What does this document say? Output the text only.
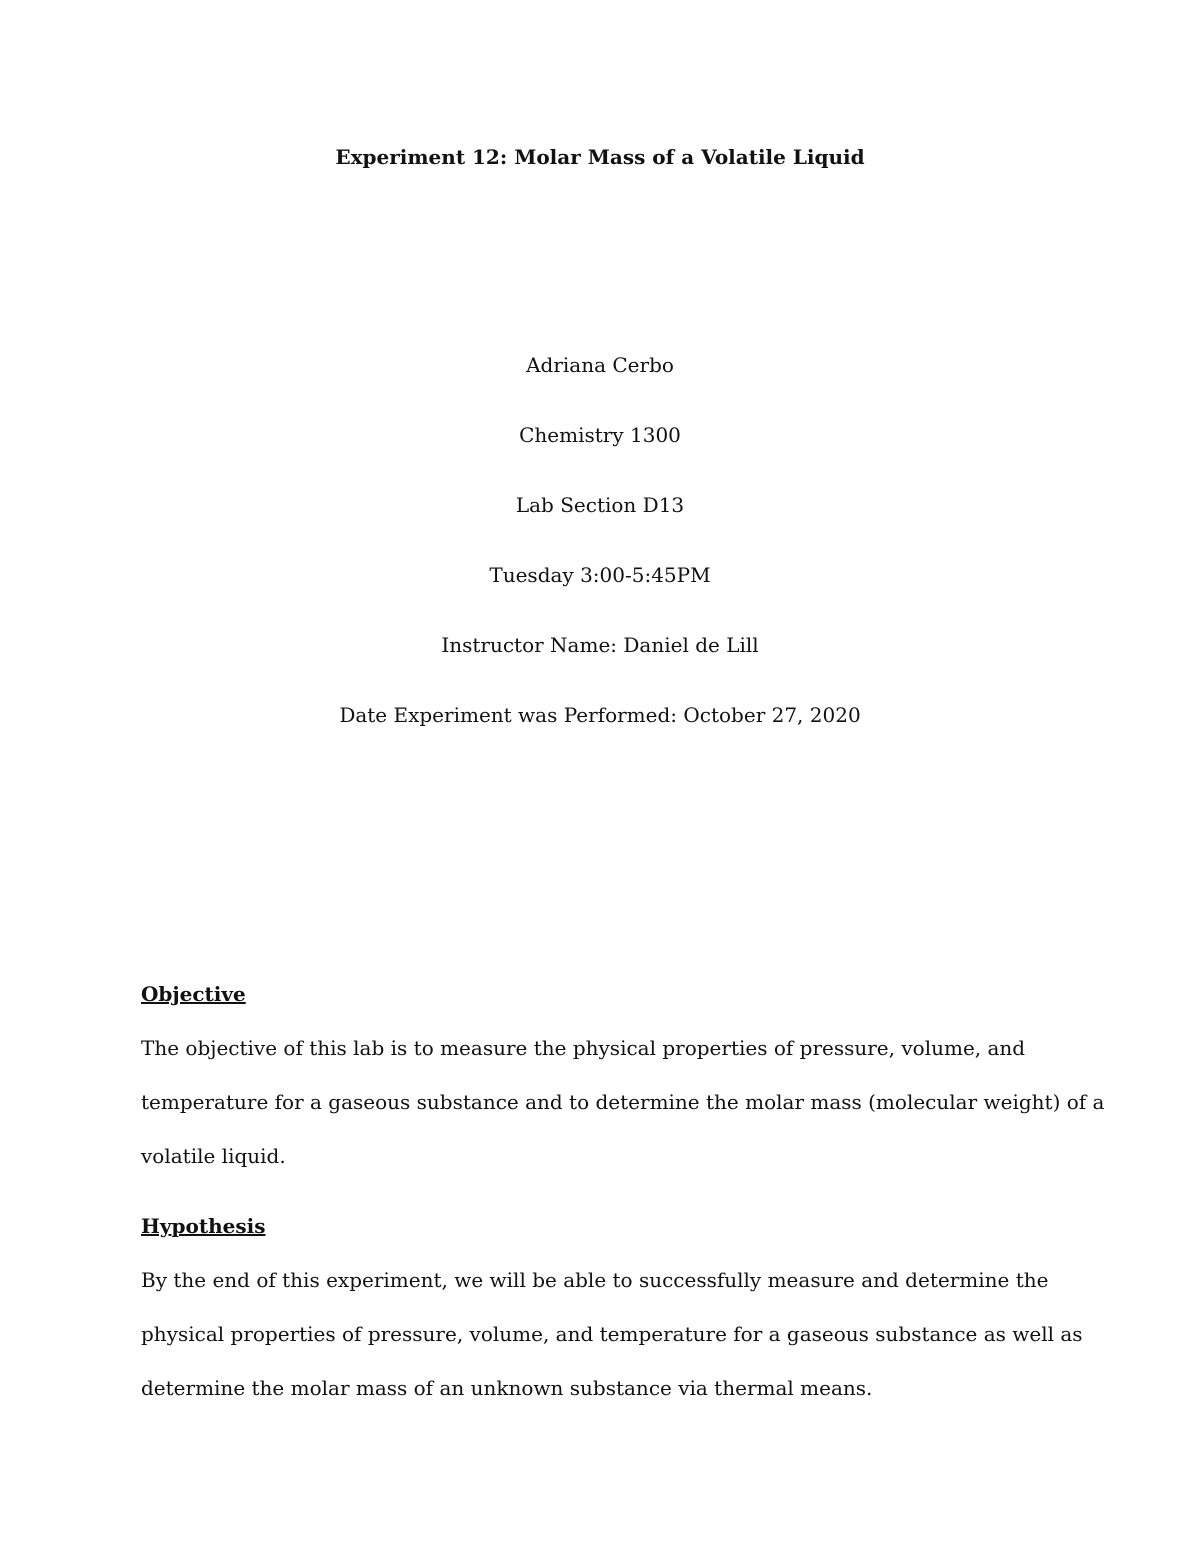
Experiment 12: Molar Mass of a Volatile Liquid
Adriana Cerbo
Chemistry 1300
Lab Section D13
Tuesday 3:00-5:45PM
Instructor Name: Daniel de Lill
Date Experiment was Performed: October 27, 2020
Objective
The objective of this lab is to measure the physical properties of pressure, volume, and
temperature for a gaseous substance and to determine the molar mass (molecular weight) of a
volatile liquid.
Hypothesis
By the end of this experiment, we will be able to successfully measure and determine the
physical properties of pressure, volume, and temperature for a gaseous substance as well as
determine the molar mass of an unknown substance via thermal means.
